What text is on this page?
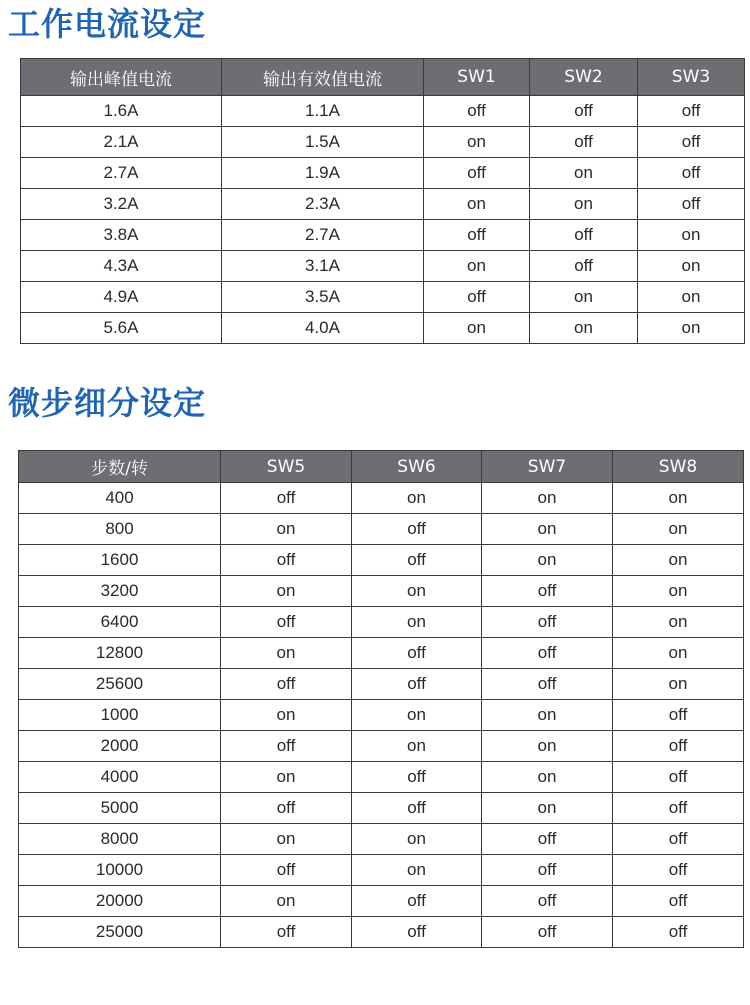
工作电流设定
输出峰值电流	输出有效值电流	SW1	SW2	SW3
1.6A	1.1A	off	off	off
2.1A	1.5A	on	off	off
2.7A	1.9A	off	on	off
3.2A	2.3A	on	on	off
3.8A	2.7A	off	off	on
4.3A	3.1A	on	off	on
4.9A	3.5A	off	on	on
5.6A	4.0A	on	on	on
微步细分设定
步数/转	SW5	SW6	SW7	SW8
400	off	on	on	on
800	on	off	on	on
1600	off	off	on	on
3200	on	on	off	on
6400	off	on	off	on
12800	on	off	off	on
25600	off	off	off	on
1000	on	on	on	off
2000	off	on	on	off
4000	on	off	on	off
5000	off	off	on	off
8000	on	on	off	off
10000	off	on	off	off
20000	on	off	off	off
25000	off	off	off	off
